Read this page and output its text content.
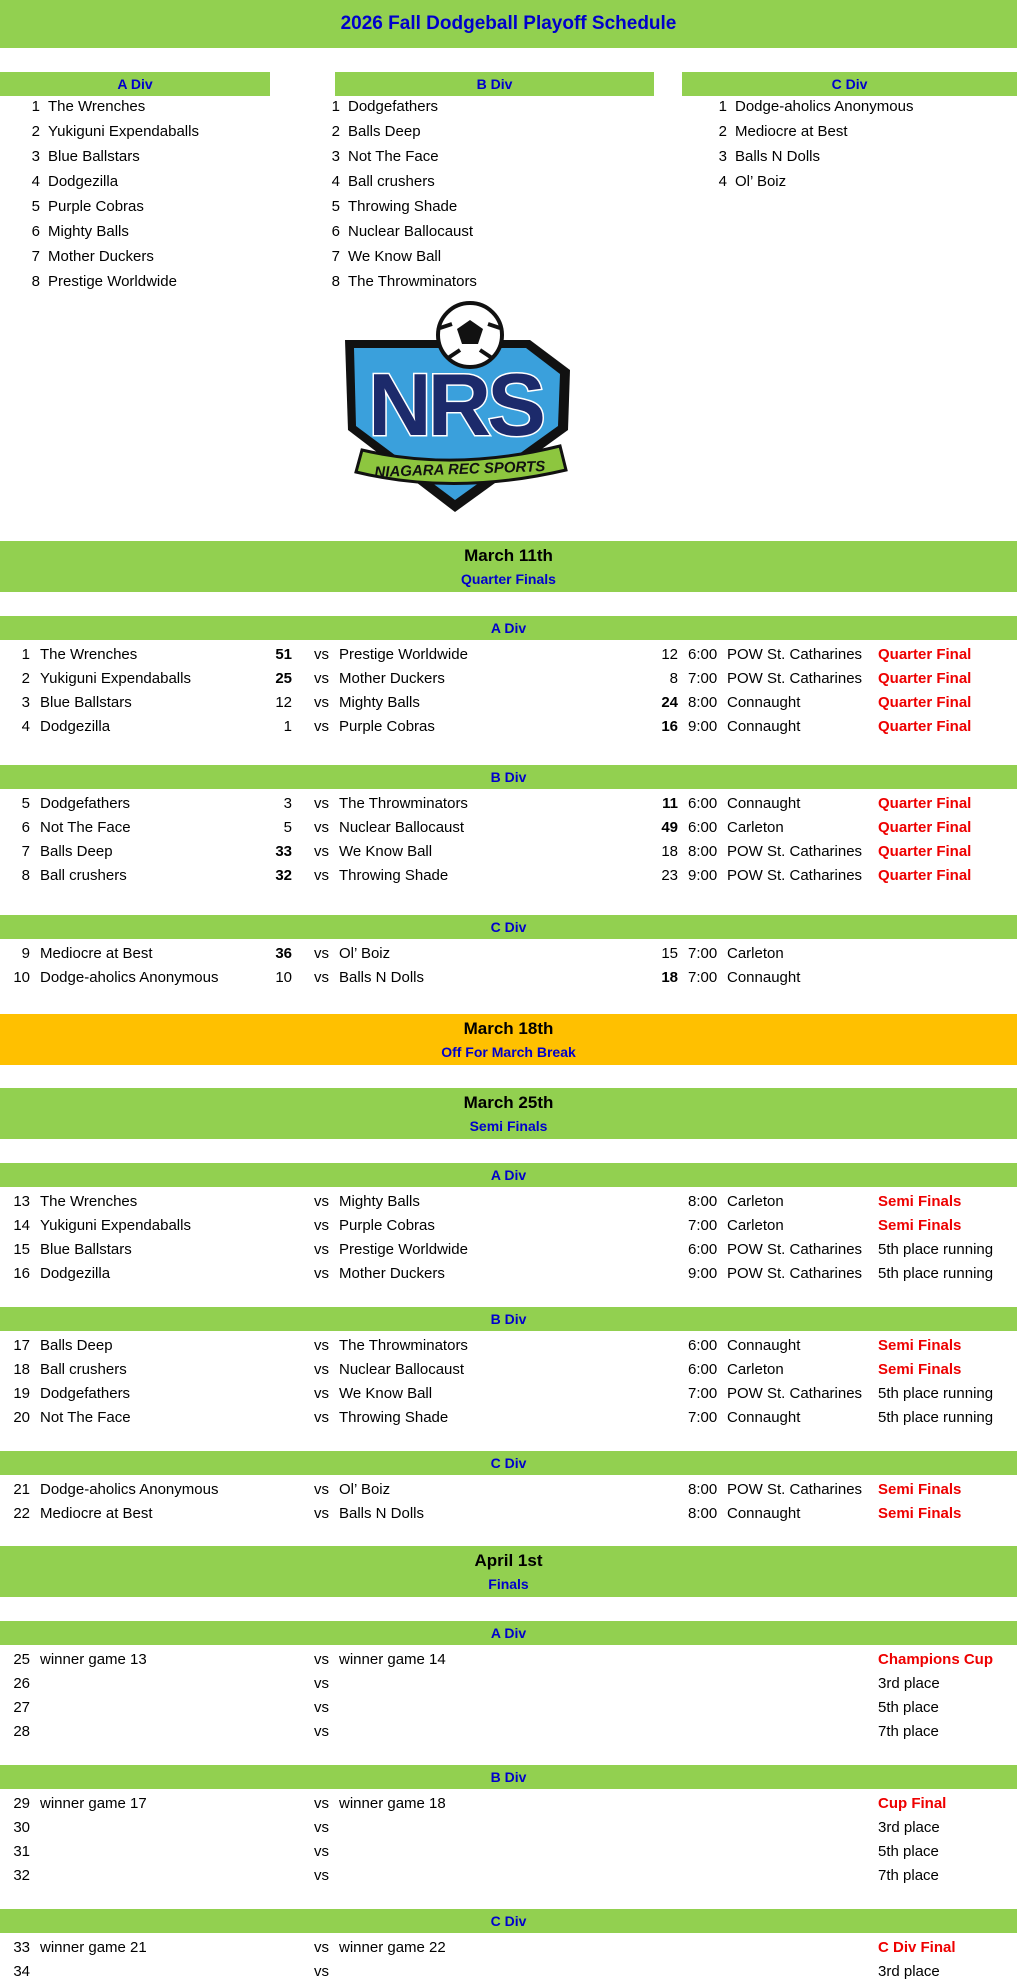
2026 Fall Dodgeball Playoff Schedule
A Div	B Div	C Div
1 The Wrenches
2 Yukiguni Expendaballs
3 Blue Ballstars
4 Dodgezilla
5 Purple Cobras
6 Mighty Balls
7 Mother Duckers
8 Prestige Worldwide
1 Dodgefathers
2 Balls Deep
3 Not The Face
4 Ball crushers
5 Throwing Shade
6 Nuclear Ballocaust
7 We Know Ball
8 The Throwminators
1 Dodge-aholics Anonymous
2 Mediocre at Best
3 Balls N Dolls
4 Ol’ Boiz
NRS
NIAGARA REC SPORTS
March 11th
Quarter Finals
A Div
1 The Wrenches	51 vs Prestige Worldwide	12 6:00 POW St. Catharines Quarter Final
2 Yukiguni Expendaballs	25 vs Mother Duckers	8 7:00 POW St. Catharines Quarter Final
3 Blue Ballstars	12 vs Mighty Balls	24 8:00 Connaught	Quarter Final
4 Dodgezilla	1 vs Purple Cobras	16 9:00 Connaught	Quarter Final
B Div
5 Dodgefathers	3 vs The Throwminators	11 6:00 Connaught	Quarter Final
6 Not The Face	5 vs Nuclear Ballocaust	49 6:00 Carleton	Quarter Final
7 Balls Deep	33 vs We Know Ball	18 8:00 POW St. Catharines Quarter Final
8 Ball crushers	32 vs Throwing Shade	23 9:00 POW St. Catharines Quarter Final
C Div
9 Mediocre at Best	36 vs Ol’ Boiz	15 7:00 Carleton
10 Dodge-aholics Anonymous	10 vs Balls N Dolls	18 7:00 Connaught
March 18th
Off For March Break
March 25th
Semi Finals
A Div
13 The Wrenches	vs Mighty Balls	8:00 Carleton	Semi Finals
14 Yukiguni Expendaballs	vs Purple Cobras	7:00 Carleton	Semi Finals
15 Blue Ballstars	vs Prestige Worldwide	6:00 POW St. Catharines 5th place running
16 Dodgezilla	vs Mother Duckers	9:00 POW St. Catharines 5th place running
B Div
17 Balls Deep	vs The Throwminators	6:00 Connaught	Semi Finals
18 Ball crushers	vs Nuclear Ballocaust	6:00 Carleton	Semi Finals
19 Dodgefathers	vs We Know Ball	7:00 POW St. Catharines 5th place running
20 Not The Face	vs Throwing Shade	7:00 Connaught	5th place running
C Div
21 Dodge-aholics Anonymous	vs Ol’ Boiz	8:00 POW St. Catharines Semi Finals
22 Mediocre at Best	vs Balls N Dolls	8:00 Connaught	Semi Finals
April 1st
Finals
A Div
25 winner game 13	vs winner game 14	Champions Cup
26	vs	3rd place
27	vs	5th place
28	vs	7th place
B Div
29 winner game 17	vs winner game 18	Cup Final
30	vs	3rd place
31	vs	5th place
32	vs	7th place
C Div
33 winner game 21	vs winner game 22	C Div Final
34	vs	3rd place
